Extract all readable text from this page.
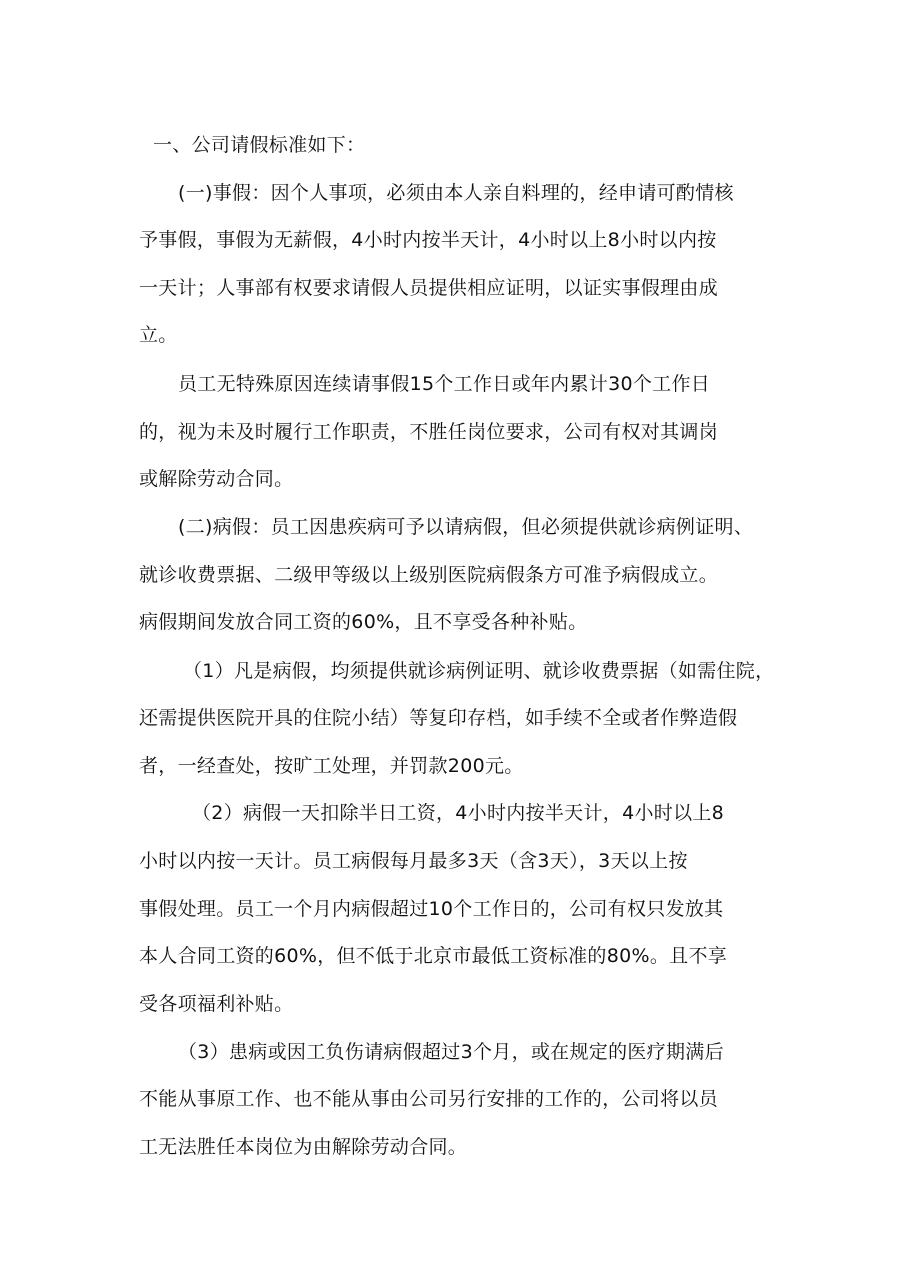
一、公司请假标准如下：
(一)事假：因个人事项，必须由本人亲自料理的，经申请可酌情核
予事假，事假为无薪假，4小时内按半天计，4小时以上8小时以内按
一天计；人事部有权要求请假人员提供相应证明，以证实事假理由成
立。
员工无特殊原因连续请事假15个工作日或年内累计30个工作日
的，视为未及时履行工作职责，不胜任岗位要求，公司有权对其调岗
或解除劳动合同。
(二)病假：员工因患疾病可予以请病假，但必须提供就诊病例证明、
就诊收费票据、二级甲等级以上级别医院病假条方可准予病假成立。
病假期间发放合同工资的60%，且不享受各种补贴。
（1）凡是病假，均须提供就诊病例证明、就诊收费票据（如需住院，
还需提供医院开具的住院小结）等复印存档，如手续不全或者作弊造假
者，一经查处，按旷工处理，并罚款200元。
（2）病假一天扣除半日工资，4小时内按半天计，4小时以上8
小时以内按一天计。员工病假每月最多3天（含3天），3天以上按
事假处理。员工一个月内病假超过10个工作日的，公司有权只发放其
本人合同工资的60%，但不低于北京市最低工资标准的80%。且不享
受各项福利补贴。
（3）患病或因工负伤请病假超过3个月，或在规定的医疗期满后
不能从事原工作、也不能从事由公司另行安排的工作的，公司将以员
工无法胜任本岗位为由解除劳动合同。
